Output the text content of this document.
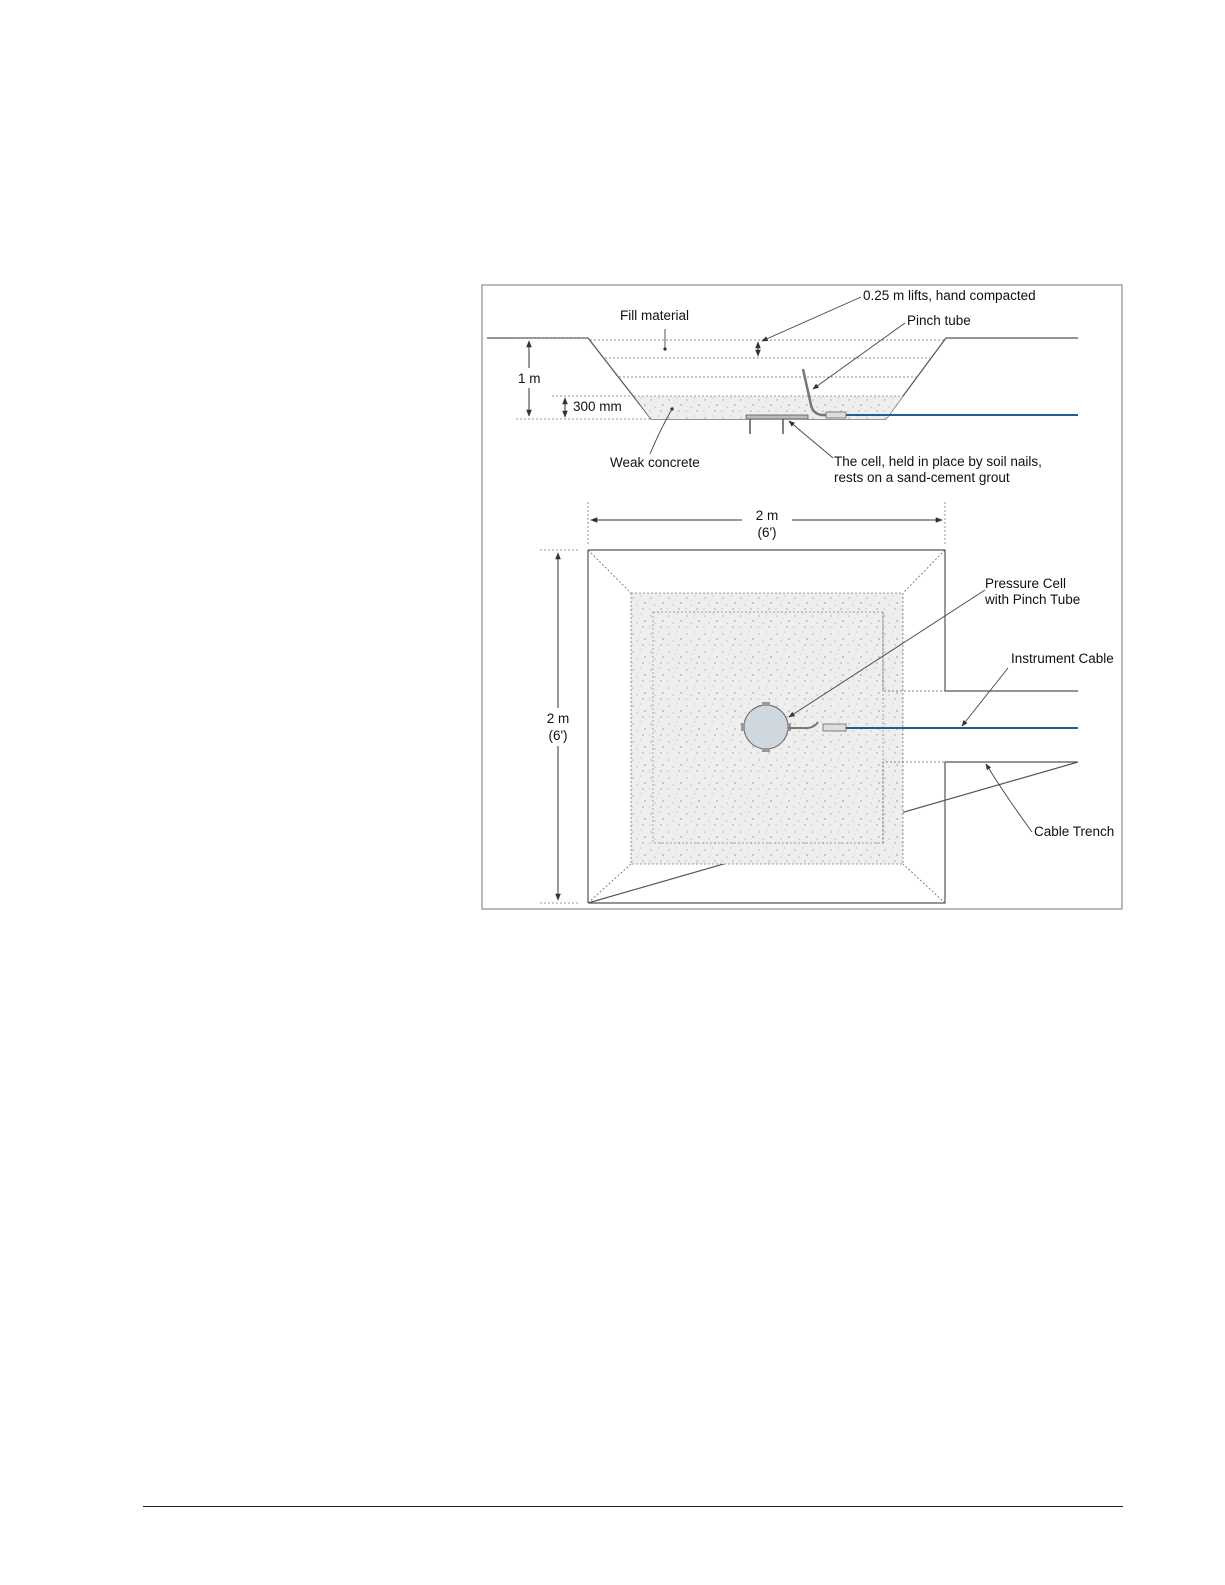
1 m
300 mm
0.25 m lifts, hand compacted
Fill material	Pinch tube
Weak concrete	The cell, held in place by soil nails,
rests on a sand-cement grout
2 m
(6')
2 m
(6')
Pressure Cell
with Pinch Tube
Instrument Cable
Cable Trench
